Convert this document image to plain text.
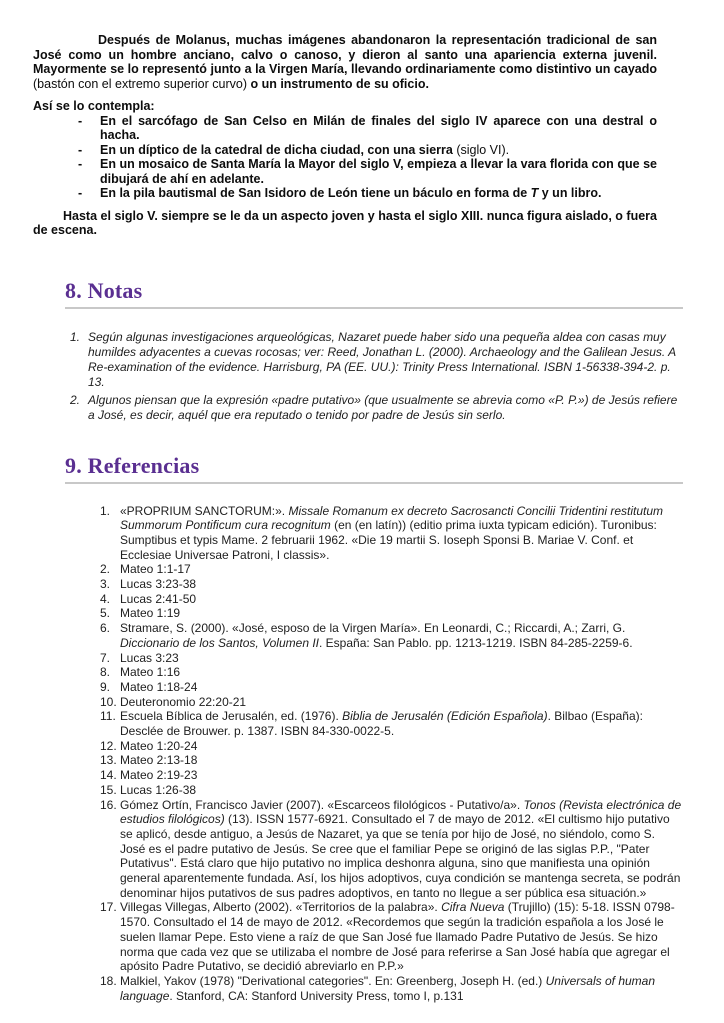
Después de Molanus, muchas imágenes abandonaron la representación tradicional de san José como un hombre anciano, calvo o canoso, y dieron al santo una apariencia externa juvenil. Mayormente se lo representó junto a la Virgen María, llevando ordinariamente como distintivo un cayado (bastón con el extremo superior curvo) o un instrumento de su oficio.

Así se lo contempla:

- En el sarcófago de San Celso en Milán de finales del siglo IV aparece con una destral o hacha.
- En un díptico de la catedral de dicha ciudad, con una sierra (siglo VI).
- En un mosaico de Santa María la Mayor del siglo V, empieza a llevar la vara florida con que se dibujará de ahí en adelante.
- En la pila bautismal de San Isidoro de León tiene un báculo en forma de T y un libro.

Hasta el siglo V. siempre se le da un aspecto joven y hasta el siglo XIII. nunca figura aislado, o fuera de escena.

8. Notas
1. Según algunas investigaciones arqueológicas, Nazaret puede haber sido una pequeña aldea con casas muy humildes adyacentes a cuevas rocosas; ver: Reed, Jonathan L. (2000). Archaeology and the Galilean Jesus. A Re-examination of the evidence. Harrisburg, PA (EE. UU.): Trinity Press International. ISBN 1-56338-394-2. p. 13.
2. Algunos piensan que la expresión «padre putativo» (que usualmente se abrevia como «P. P.») de Jesús refiere a José, es decir, aquél que era reputado o tenido por padre de Jesús sin serlo.
9. Referencias
1. «PROPRIUM SANCTORUM:». Missale Romanum ex decreto Sacrosancti Concilii Tridentini restitutum Summorum Pontificum cura recognitum (en (en latín)) (editio prima iuxta typicam edición). Turonibus: Sumptibus et typis Mame. 2 februarii 1962. «Die 19 martii S. Ioseph Sponsi B. Mariae V. Conf. et Ecclesiae Universae Patroni, I classis».
2. Mateo 1:1-17
3. Lucas 3:23-38
4. Lucas 2:41-50
5. Mateo 1:19
6. Stramare, S. (2000). «José, esposo de la Virgen María». En Leonardi, C.; Riccardi, A.; Zarri, G. Diccionario de los Santos, Volumen II. España: San Pablo. pp. 1213-1219. ISBN 84-285-2259-6.
7. Lucas 3:23
8. Mateo 1:16
9. Mateo 1:18-24
10. Deuteronomio 22:20-21
11. Escuela Bíblica de Jerusalén, ed. (1976). Biblia de Jerusalén (Edición Española). Bilbao (España): Desclée de Brouwer. p. 1387. ISBN 84-330-0022-5.
12. Mateo 1:20-24
13. Mateo 2:13-18
14. Mateo 2:19-23
15. Lucas 1:26-38
16. Gómez Ortín, Francisco Javier (2007). «Escarceos filológicos - Putativo/a». Tonos (Revista electrónica de estudios filológicos) (13). ISSN 1577-6921. Consultado el 7 de mayo de 2012. «El cultismo hijo putativo se aplicó, desde antiguo, a Jesús de Nazaret, ya que se tenía por hijo de José, no siéndolo, como S. José es el padre putativo de Jesús. Se cree que el familiar Pepe se originó de las siglas P.P., "Pater Putativus". Está claro que hijo putativo no implica deshonra alguna, sino que manifiesta una opinión general aparentemente fundada. Así, los hijos adoptivos, cuya condición se mantenga secreta, se podrán denominar hijos putativos de sus padres adoptivos, en tanto no llegue a ser pública esa situación.»
17. Villegas Villegas, Alberto (2002). «Territorios de la palabra». Cifra Nueva (Trujillo) (15): 5-18. ISSN 0798-1570. Consultado el 14 de mayo de 2012. «Recordemos que según la tradición española a los José le suelen llamar Pepe. Esto viene a raíz de que San José fue llamado Padre Putativo de Jesús. Se hizo norma que cada vez que se utilizaba el nombre de José para referirse a San José había que agregar el apósito Padre Putativo, se decidió abreviarlo en P.P.»
18. Malkiel, Yakov (1978) "Derivational categories". En: Greenberg, Joseph H. (ed.) Universals of human language. Stanford, CA: Stanford University Press, tomo I, p.131
